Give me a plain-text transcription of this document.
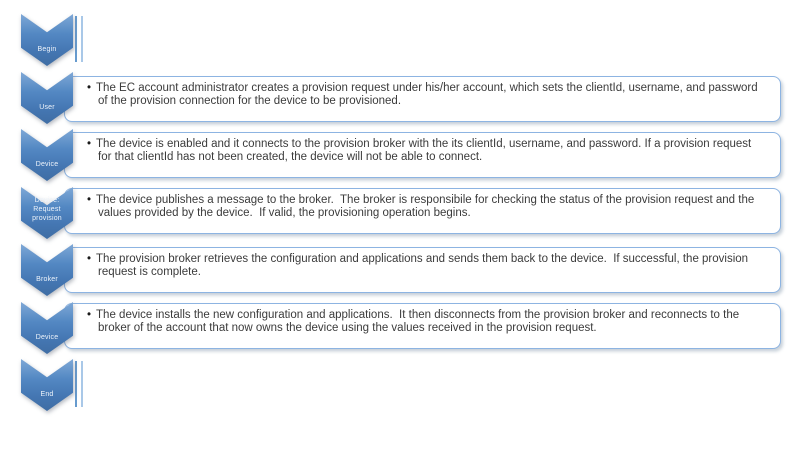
Begin

• The EC account administrator creates a provision request under his/her account, which sets the clientId, username, and password of the provision connection for the device to be provisioned.

User

• The device is enabled and it connects to the provision broker with the its clientId, username, and password. If a provision request for that clientId has not been created, the device will not be able to connect.

Device

• The device publishes a message to the broker.  The broker is responsibile for checking the status of the provision request and the values provided by the device.  If valid, the provisioning operation begins.

Device: Request provision

• The provision broker retrieves the configuration and applications and sends them back to the device.  If successful, the provision request is complete.

Broker

• The device installs the new configuration and applications.  It then disconnects from the provision broker and reconnects to the broker of the account that now owns the device using the values received in the provision request.

Device
End
